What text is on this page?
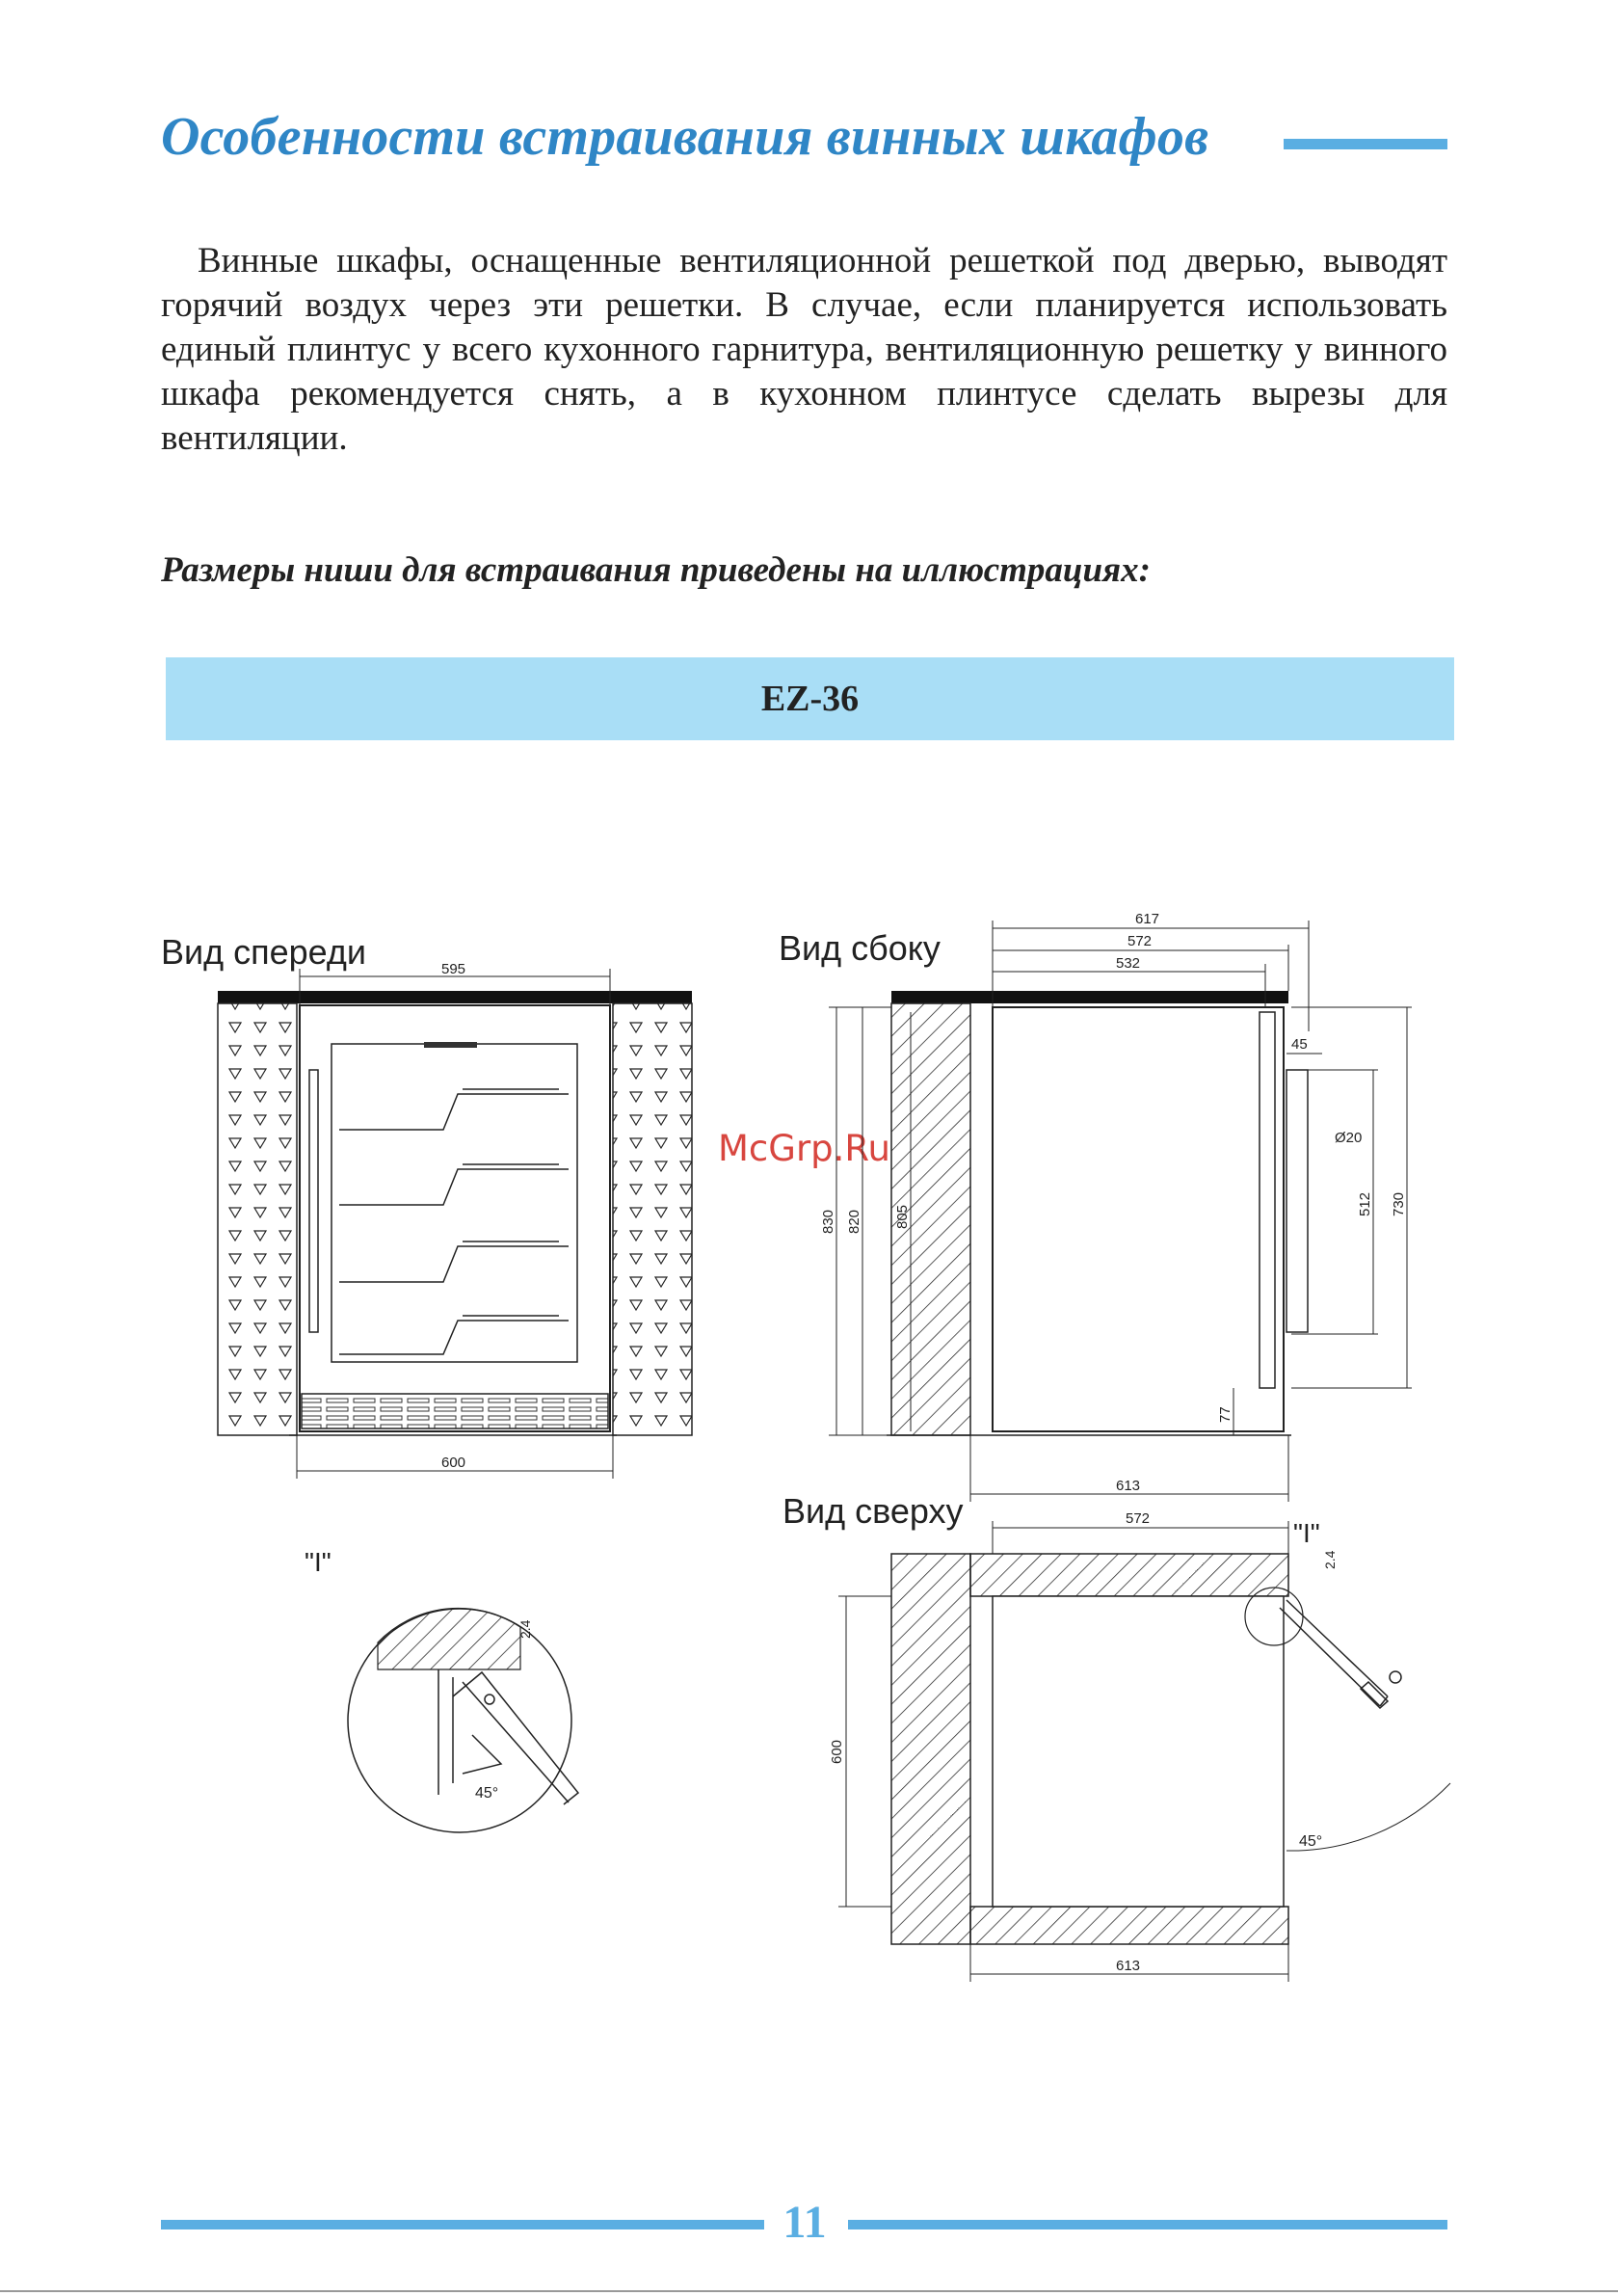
Особенности встраивания винных шкафов

Винные шкафы, оснащенные вентиляционной решеткой под дверью, выводят горячий воздух через эти решетки. В случае, если планируется использовать единый плинтус у всего кухонного гарнитура, вентиляционную решетку у винного шкафа рекомендуется снять, а в кухонном плинтусе сделать вырезы для вентиляции.

Размеры ниши для встраивания приведены на иллюстрациях:

EZ-36
McGrp.Ru
Вид спереди	595
600
Вид сбоку
617
572
532
830 820 805
45
Ø20
512 730
77
613
Вид сверху
"I"
572
600
613
2.4
45°
"I"
2.4
45°
11
